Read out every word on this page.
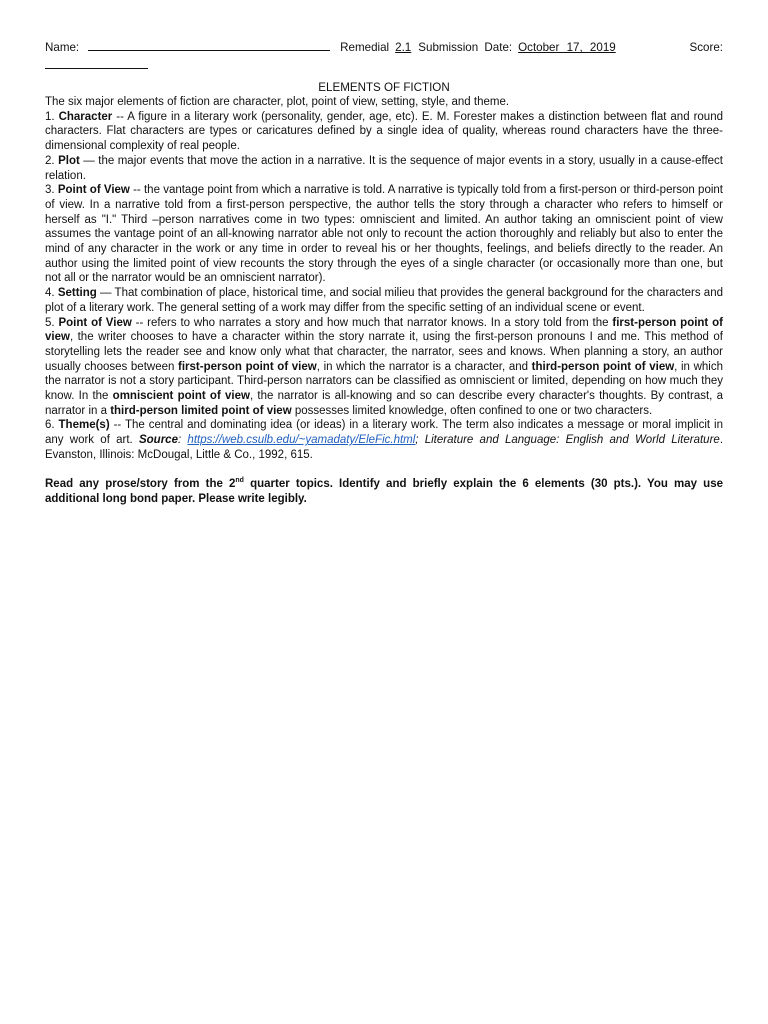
Name:	Remedial 2.1 Submission Date: October 17, 2019	Score:
ELEMENTS OF FICTION

The six major elements of fiction are character, plot, point of view, setting, style, and theme.

1. Character -- A figure in a literary work (personality, gender, age, etc). E. M. Forester makes a distinction between flat and round characters. Flat characters are types or caricatures defined by a single idea of quality, whereas round characters have the three-dimensional complexity of real people.

2. Plot — the major events that move the action in a narrative. It is the sequence of major events in a story, usually in a cause-effect relation.

3. Point of View -- the vantage point from which a narrative is told. A narrative is typically told from a first-person or third-person point of view. In a narrative told from a first-person perspective, the author tells the story through a character who refers to himself or herself as "I." Third –person narratives come in two types: omniscient and limited. An author taking an omniscient point of view assumes the vantage point of an all-knowing narrator able not only to recount the action thoroughly and reliably but also to enter the mind of any character in the work or any time in order to reveal his or her thoughts, feelings, and beliefs directly to the reader. An author using the limited point of view recounts the story through the eyes of a single character (or occasionally more than one, but not all or the narrator would be an omniscient narrator).

4. Setting — That combination of place, historical time, and social milieu that provides the general background for the characters and plot of a literary work. The general setting of a work may differ from the specific setting of an individual scene or event.

5. Point of View -- refers to who narrates a story and how much that narrator knows. In a story told from the first-person point of view, the writer chooses to have a character within the story narrate it, using the first-person pronouns I and me. This method of storytelling lets the reader see and know only what that character, the narrator, sees and knows. When planning a story, an author usually chooses between first-person point of view, in which the narrator is a character, and third-person point of view, in which the narrator is not a story participant. Third-person narrators can be classified as omniscient or limited, depending on how much they know. In the omniscient point of view, the narrator is all-knowing and so can describe every character's thoughts. By contrast, a narrator in a third-person limited point of view possesses limited knowledge, often confined to one or two characters.

6. Theme(s) -- The central and dominating idea (or ideas) in a literary work. The term also indicates a message or moral implicit in any work of art. Source: https://web.csulb.edu/~yamadaty/EleFic.html; Literature and Language: English and World Literature. Evanston, Illinois: McDougal, Little & Co., 1992, 615.

Read any prose/story from the 2nd quarter topics. Identify and briefly explain the 6 elements (30 pts.). You may use additional long bond paper. Please write legibly.
